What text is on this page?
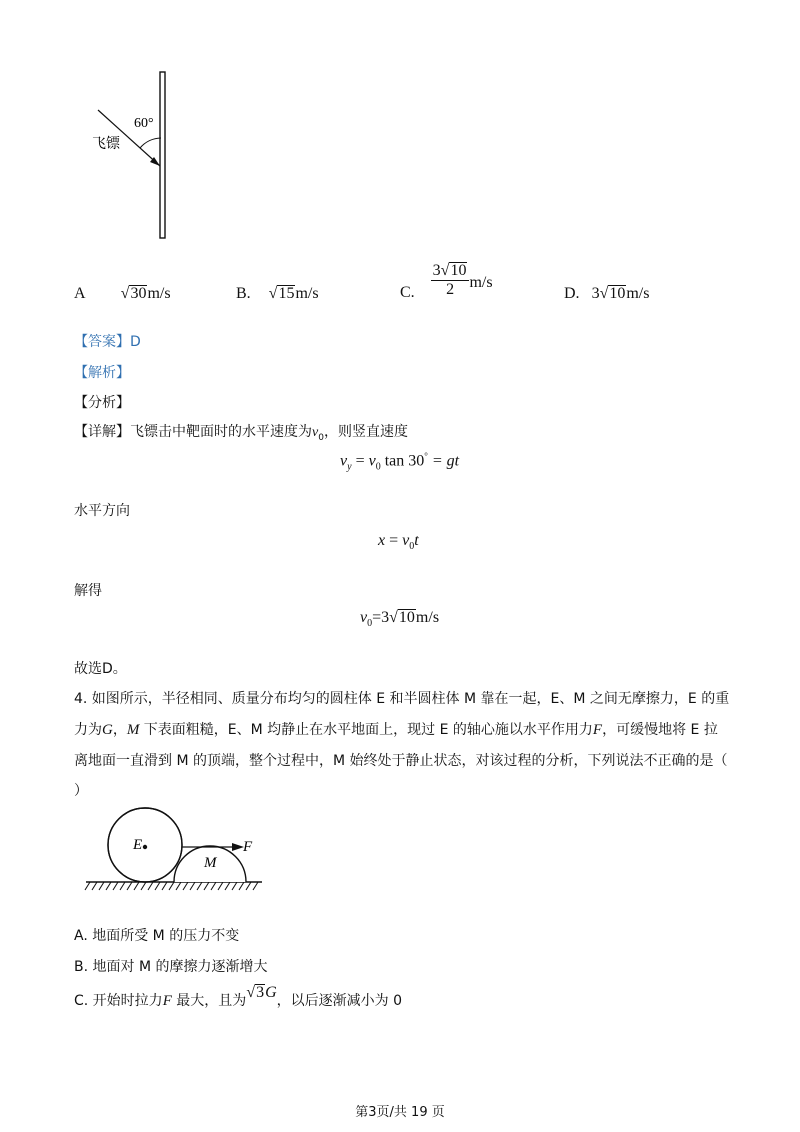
60°
飞镖
A √30m/s	B. √15m/s	C. $\frac{3√10}{2} m/s$
D. 3√10m/s
【答案】D
【解析】
【分析】
【详解】飞镖击中靶面时的水平速度为$v_0$，则竖直速度
$v_y = v_0$ tan 30° = gt
水平方向
$x = v_0t$
解得
$v_0=3√10m/s$
故选D。
4. 如图所示，半径相同、质量分布均匀的圆柱体 E 和半圆柱体 M 靠在一起，E、M 之间无摩擦力，E 的重
力为G，M 下表面粗糙，E、M 均静止在水平地面上，现过 E 的轴心施以水平作用力F，可缓慢地将 E 拉
离地面一直滑到 M 的顶端，整个过程中，M 始终处于静止状态，对该过程的分析，下列说法不正确的是（
）
E
M
F
A. 地面所受 M 的压力不变
B. 地面对 M 的摩擦力逐渐增大
C. 开始时拉力F 最大，且为√3G，以后逐渐减小为 0
第3页/共 19 页
